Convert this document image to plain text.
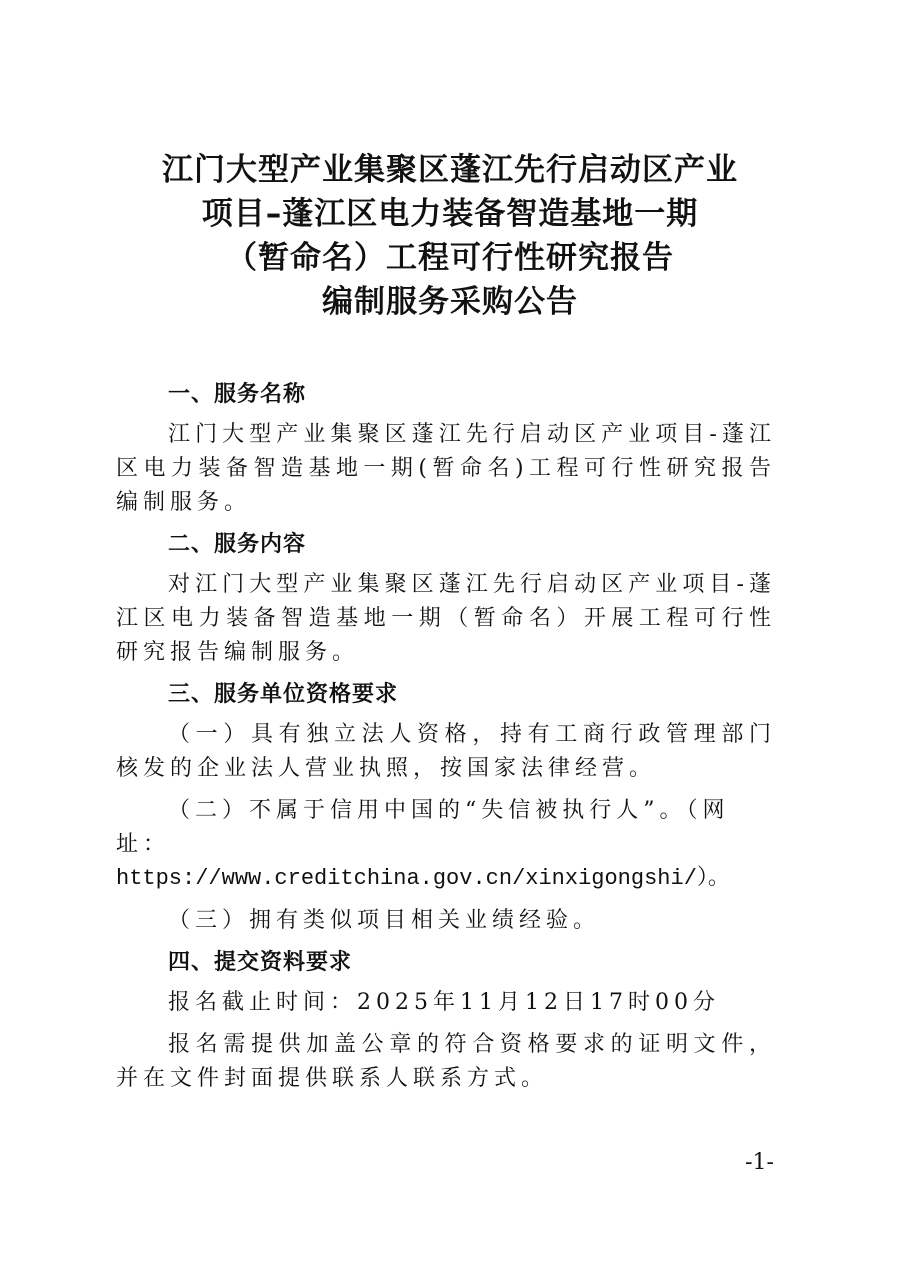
江门大型产业集聚区蓬江先行启动区产业
项目–蓬江区电力装备智造基地一期
（暂命名）工程可行性研究报告
编制服务采购公告
一、服务名称
江门大型产业集聚区蓬江先行启动区产业项目-蓬江区电力装备智造基地一期(暂命名)工程可行性研究报告编制服务。
二、服务内容
对江门大型产业集聚区蓬江先行启动区产业项目-蓬江区电力装备智造基地一期（暂命名）开展工程可行性研究报告编制服务。
三、服务单位资格要求
（一）具有独立法人资格，持有工商行政管理部门核发的企业法人营业执照，按国家法律经营。
（二）不属于信用中国的“失信被执行人”。（网址：
https://www.creditchina.gov.cn/xinxigongshi/）。
（三）拥有类似项目相关业绩经验。
四、提交资料要求
报名截止时间：2025年11月12日17时00分
报名需提供加盖公章的符合资格要求的证明文件，并在文件封面提供联系人联系方式。
-1-
